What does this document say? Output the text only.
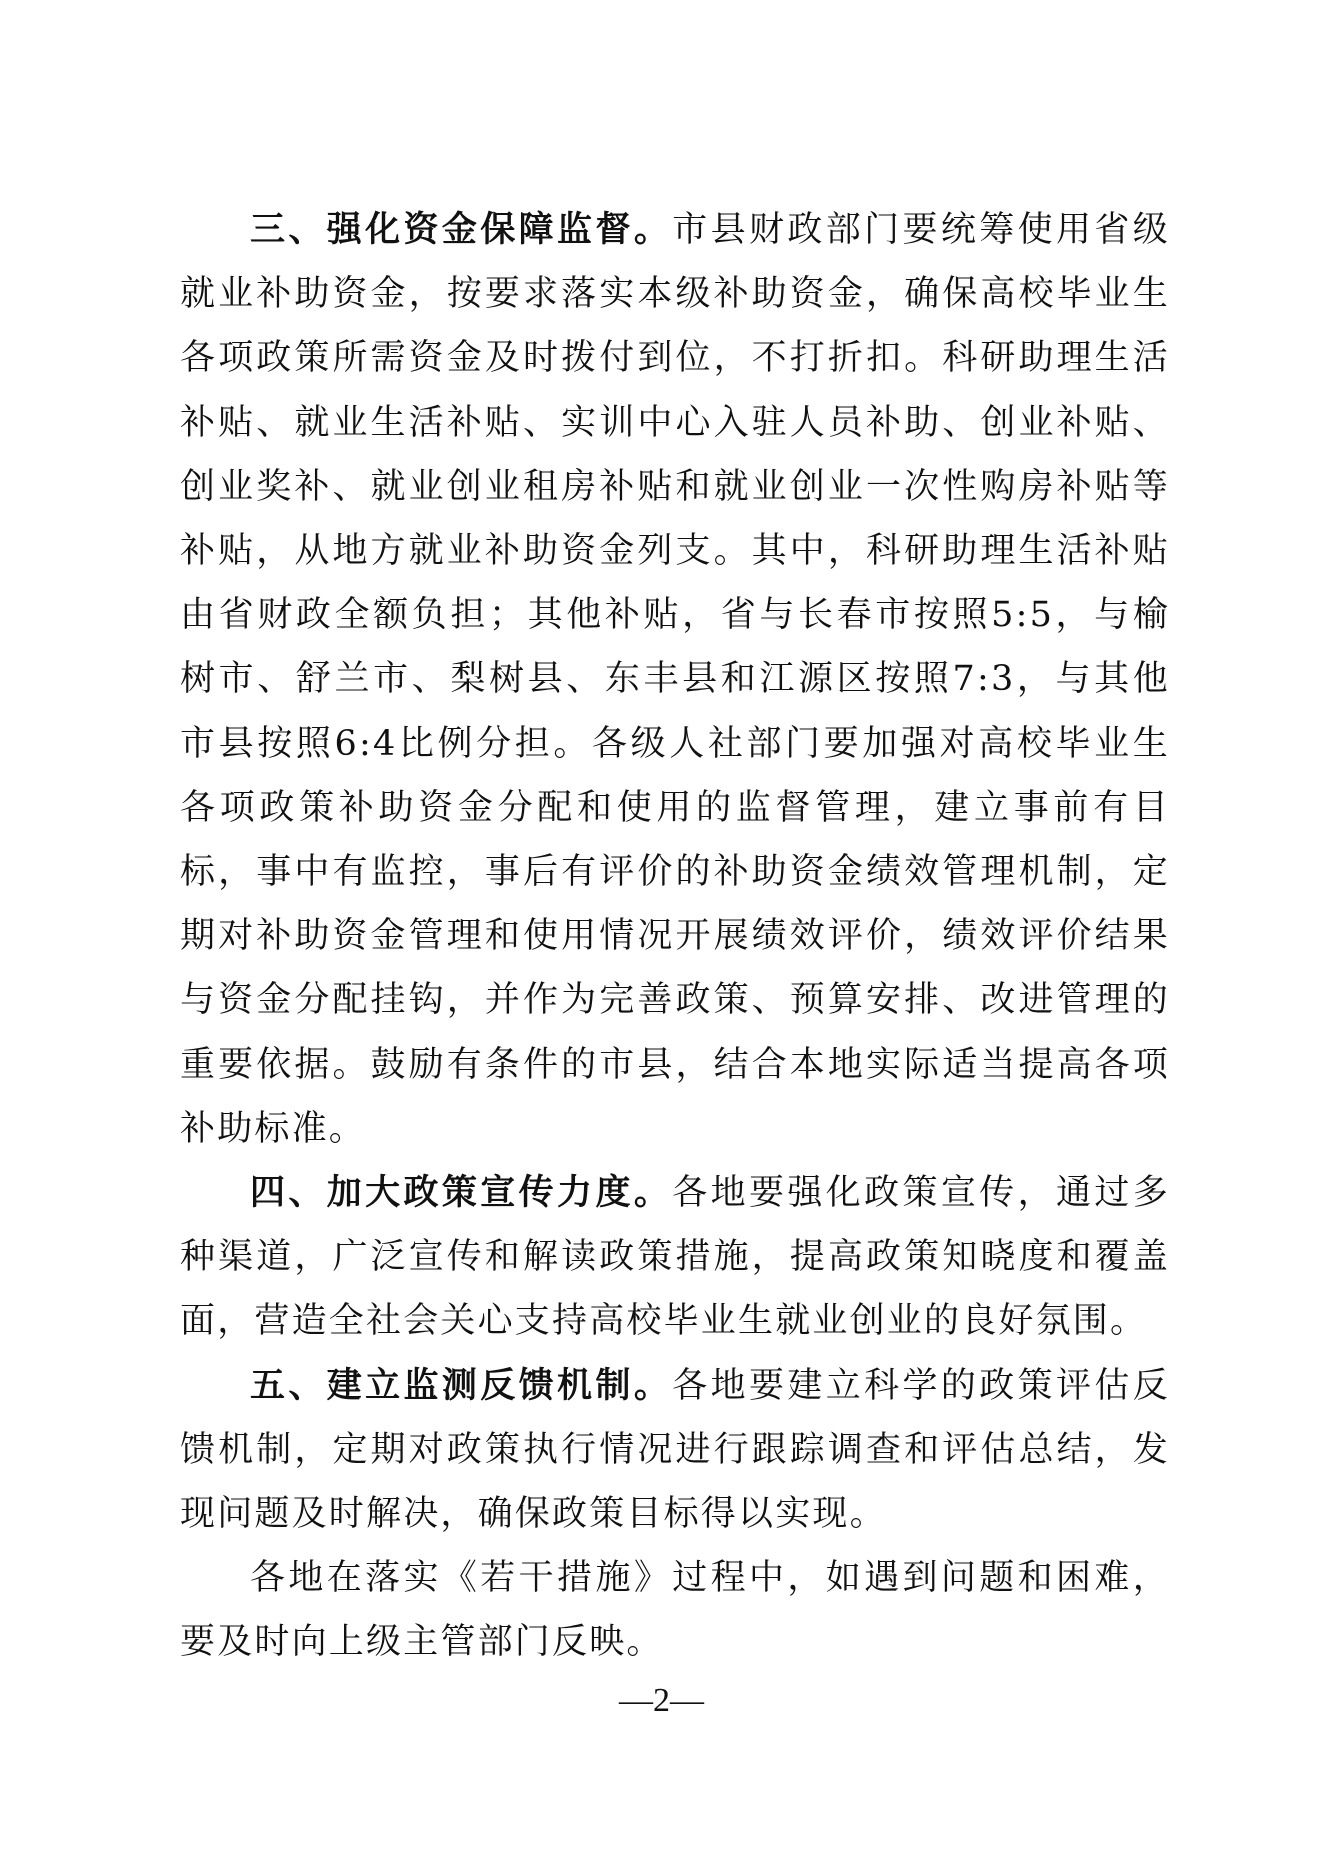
三、强化资金保障监督。市县财政部门要统筹使用省级就业补助资金，按要求落实本级补助资金，确保高校毕业生各项政策所需资金及时拨付到位，不打折扣。科研助理生活补贴、就业生活补贴、实训中心入驻人员补助、创业补贴、创业奖补、就业创业租房补贴和就业创业一次性购房补贴等补贴，从地方就业补助资金列支。其中，科研助理生活补贴由省财政全额负担；其他补贴，省与长春市按照5:5，与榆树市、舒兰市、梨树县、东丰县和江源区按照7:3，与其他市县按照6:4比例分担。各级人社部门要加强对高校毕业生各项政策补助资金分配和使用的监督管理，建立事前有目标，事中有监控，事后有评价的补助资金绩效管理机制，定期对补助资金管理和使用情况开展绩效评价，绩效评价结果与资金分配挂钩，并作为完善政策、预算安排、改进管理的重要依据。鼓励有条件的市县，结合本地实际适当提高各项补助标准。

四、加大政策宣传力度。各地要强化政策宣传，通过多种渠道，广泛宣传和解读政策措施，提高政策知晓度和覆盖面，营造全社会关心支持高校毕业生就业创业的良好氛围。

五、建立监测反馈机制。各地要建立科学的政策评估反馈机制，定期对政策执行情况进行跟踪调查和评估总结，发现问题及时解决，确保政策目标得以实现。

各地在落实《若干措施》过程中，如遇到问题和困难，要及时向上级主管部门反映。

—2—
